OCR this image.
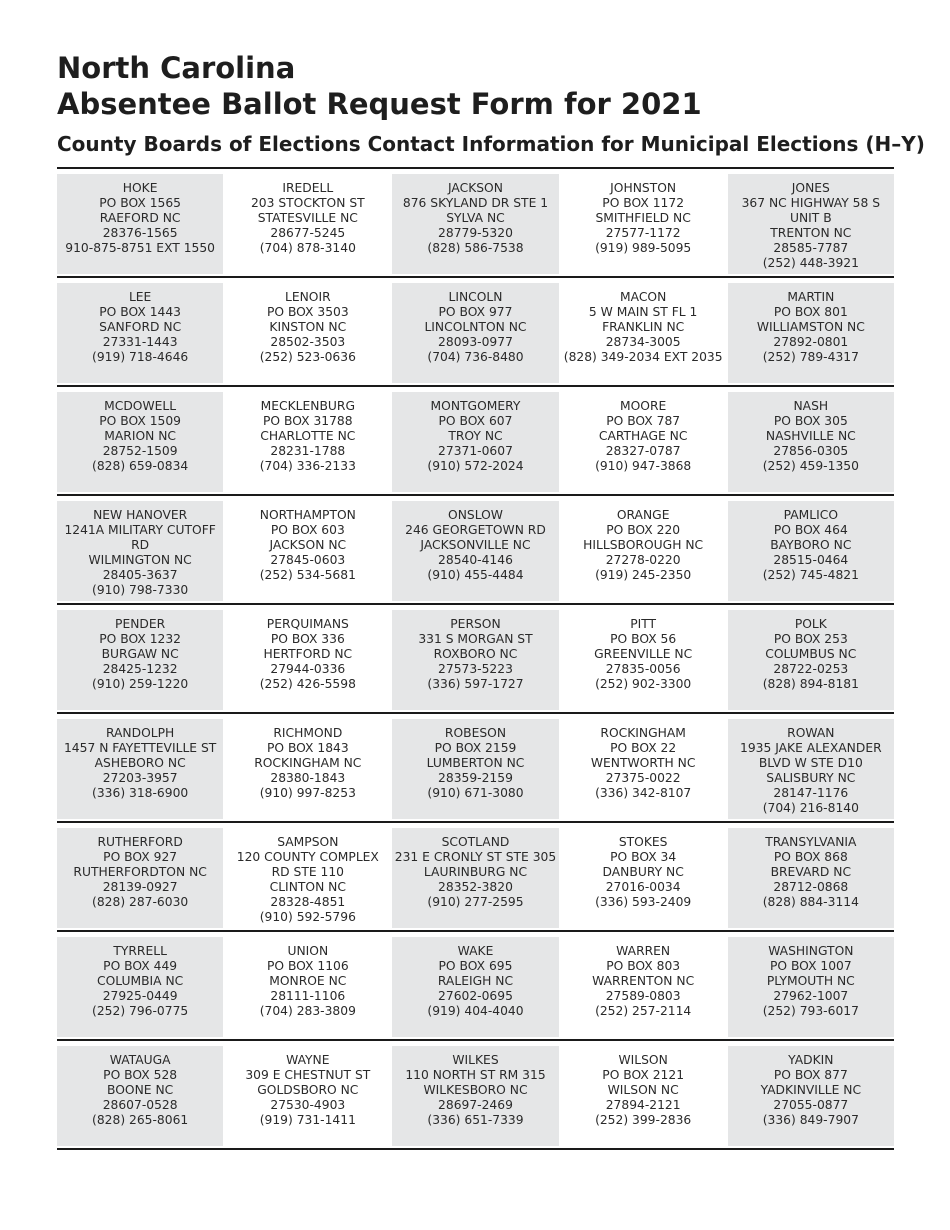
North Carolina
Absentee Ballot Request Form for 2021
County Boards of Elections Contact Information for Municipal Elections (H–Y)
HOKE
PO BOX 1565
RAEFORD NC
28376-1565
910-875-8751 EXT 1550
IREDELL
203 STOCKTON ST
STATESVILLE NC
28677-5245
(704) 878-3140
JACKSON
876 SKYLAND DR STE 1
SYLVA NC
28779-5320
(828) 586-7538
JOHNSTON
PO BOX 1172
SMITHFIELD NC
27577-1172
(919) 989-5095
JONES
367 NC HIGHWAY 58 S
UNIT B
TRENTON NC
28585-7787
(252) 448-3921
LEE
PO BOX 1443
SANFORD NC
27331-1443
(919) 718-4646
LENOIR
PO BOX 3503
KINSTON NC
28502-3503
(252) 523-0636
LINCOLN
PO BOX 977
LINCOLNTON NC
28093-0977
(704) 736-8480
MACON
5 W MAIN ST FL 1
FRANKLIN NC
28734-3005
(828) 349-2034 EXT 2035
MARTIN
PO BOX 801
WILLIAMSTON NC
27892-0801
(252) 789-4317
MCDOWELL
PO BOX 1509
MARION NC
28752-1509
(828) 659-0834
MECKLENBURG
PO BOX 31788
CHARLOTTE NC
28231-1788
(704) 336-2133
MONTGOMERY
PO BOX 607
TROY NC
27371-0607
(910) 572-2024
MOORE
PO BOX 787
CARTHAGE NC
28327-0787
(910) 947-3868
NASH
PO BOX 305
NASHVILLE NC
27856-0305
(252) 459-1350
NEW HANOVER
1241A MILITARY CUTOFF
RD
WILMINGTON NC
28405-3637
(910) 798-7330
NORTHAMPTON
PO BOX 603
JACKSON NC
27845-0603
(252) 534-5681
ONSLOW
246 GEORGETOWN RD
JACKSONVILLE NC
28540-4146
(910) 455-4484
ORANGE
PO BOX 220
HILLSBOROUGH NC
27278-0220
(919) 245-2350
PAMLICO
PO BOX 464
BAYBORO NC
28515-0464
(252) 745-4821
PENDER
PO BOX 1232
BURGAW NC
28425-1232
(910) 259-1220
PERQUIMANS
PO BOX 336
HERTFORD NC
27944-0336
(252) 426-5598
PERSON
331 S MORGAN ST
ROXBORO NC
27573-5223
(336) 597-1727
PITT
PO BOX 56
GREENVILLE NC
27835-0056
(252) 902-3300
POLK
PO BOX 253
COLUMBUS NC
28722-0253
(828) 894-8181
RANDOLPH
1457 N FAYETTEVILLE ST
ASHEBORO NC
27203-3957
(336) 318-6900
RICHMOND
PO BOX 1843
ROCKINGHAM NC
28380-1843
(910) 997-8253
ROBESON
PO BOX 2159
LUMBERTON NC
28359-2159
(910) 671-3080
ROCKINGHAM
PO BOX 22
WENTWORTH NC
27375-0022
(336) 342-8107
ROWAN
1935 JAKE ALEXANDER
BLVD W STE D10
SALISBURY NC
28147-1176
(704) 216-8140
RUTHERFORD
PO BOX 927
RUTHERFORDTON NC
28139-0927
(828) 287-6030
SAMPSON
120 COUNTY COMPLEX
RD STE 110
CLINTON NC
28328-4851
(910) 592-5796
SCOTLAND
231 E CRONLY ST STE 305
LAURINBURG NC
28352-3820
(910) 277-2595
STOKES
PO BOX 34
DANBURY NC
27016-0034
(336) 593-2409
TRANSYLVANIA
PO BOX 868
BREVARD NC
28712-0868
(828) 884-3114
TYRRELL
PO BOX 449
COLUMBIA NC
27925-0449
(252) 796-0775
UNION
PO BOX 1106
MONROE NC
28111-1106
(704) 283-3809
WAKE
PO BOX 695
RALEIGH NC
27602-0695
(919) 404-4040
WARREN
PO BOX 803
WARRENTON NC
27589-0803
(252) 257-2114
WASHINGTON
PO BOX 1007
PLYMOUTH NC
27962-1007
(252) 793-6017
WATAUGA
PO BOX 528
BOONE NC
28607-0528
(828) 265-8061
WAYNE
309 E CHESTNUT ST
GOLDSBORO NC
27530-4903
(919) 731-1411
WILKES
110 NORTH ST RM 315
WILKESBORO NC
28697-2469
(336) 651-7339
WILSON
PO BOX 2121
WILSON NC
27894-2121
(252) 399-2836
YADKIN
PO BOX 877
YADKINVILLE NC
27055-0877
(336) 849-7907
